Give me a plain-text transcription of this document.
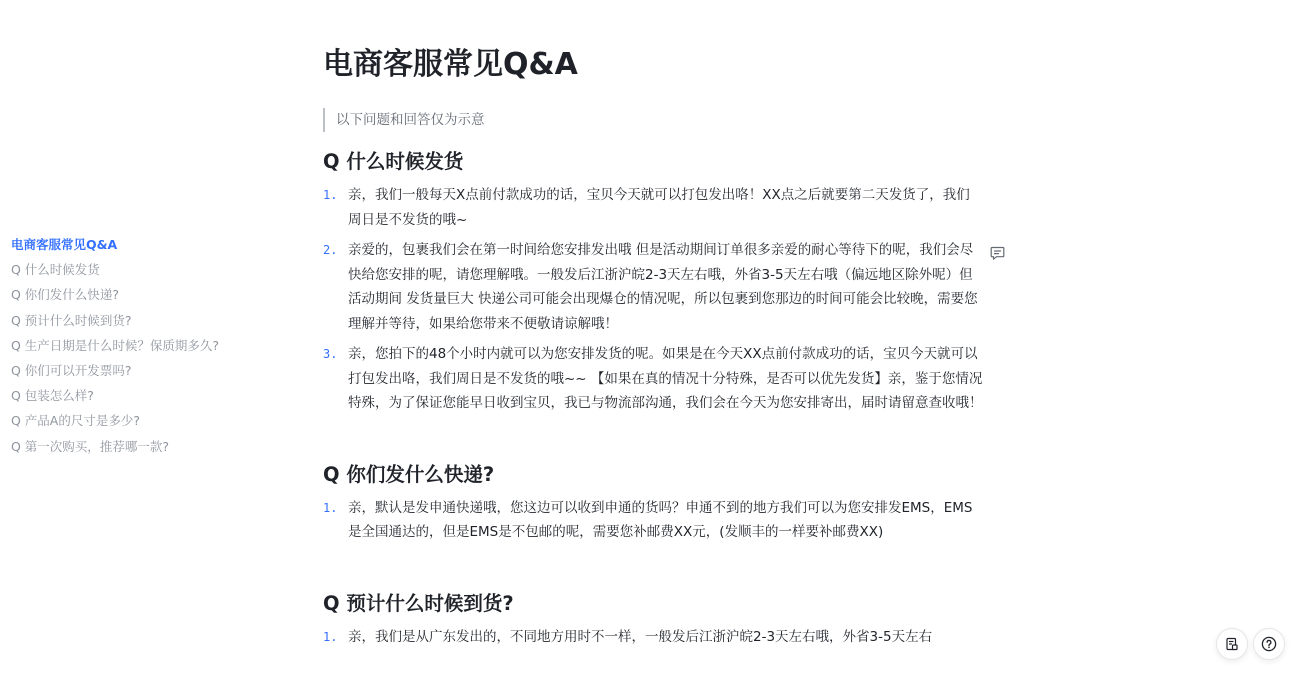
电商客服常见Q&A
Q 什么时候发货
Q 你们发什么快递?
Q 预计什么时候到货?
Q 生产日期是什么时候？保质期多久?
Q 你们可以开发票吗?
Q 包装怎么样?
Q 产品A的尺寸是多少?
Q 第一次购买，推荐哪一款?
电商客服常见Q&A
以下问题和回答仅为示意
Q 什么时候发货
1. 亲，我们一般每天X点前付款成功的话，宝贝今天就可以打包发出咯！XX点之后就要第二天发货了，我们周日是不发货的哦~
2. 亲爱的，包裹我们会在第一时间给您安排发出哦 但是活动期间订单很多亲爱的耐心等待下的呢，我们会尽快给您安排的呢，请您理解哦。一般发后江浙沪皖2-3天左右哦，外省3-5天左右哦（偏远地区除外呢）但活动期间 发货量巨大 快递公司可能会出现爆仓的情况呢，所以包裹到您那边的时间可能会比较晚，需要您理解并等待，如果给您带来不便敬请谅解哦！
3. 亲，您拍下的48个小时内就可以为您安排发货的呢。如果是在今天XX点前付款成功的话，宝贝今天就可以打包发出咯，我们周日是不发货的哦~~ 【如果在真的情况十分特殊，是否可以优先发货】亲，鉴于您情况特殊，为了保证您能早日收到宝贝，我已与物流部沟通，我们会在今天为您安排寄出，届时请留意查收哦！
Q 你们发什么快递?
1. 亲，默认是发申通快递哦，您这边可以收到申通的货吗？申通不到的地方我们可以为您安排发EMS，EMS是全国通达的，但是EMS是不包邮的呢，需要您补邮费XX元，(发顺丰的一样要补邮费XX)
Q 预计什么时候到货?
1. 亲，我们是从广东发出的，不同地方用时不一样，一般发后江浙沪皖2-3天左右哦，外省3-5天左右
